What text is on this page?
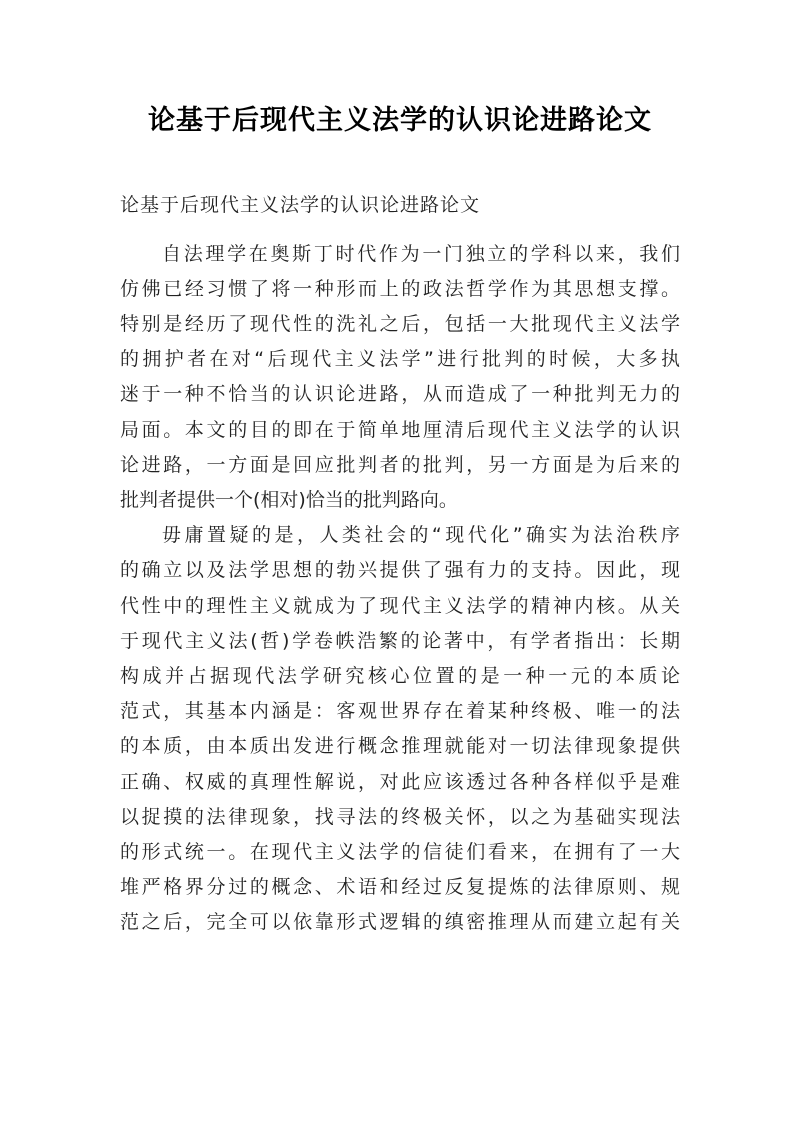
论基于后现代主义法学的认识论进路论文

论基于后现代主义法学的认识论进路论文

自法理学在奥斯丁时代作为一门独立的学科以来，我们
仿佛已经习惯了将一种形而上的政法哲学作为其思想支撑。
特别是经历了现代性的洗礼之后，包括一大批现代主义法学
的拥护者在对“后现代主义法学”进行批判的时候，大多执
迷于一种不恰当的认识论进路，从而造成了一种批判无力的
局面。本文的目的即在于简单地厘清后现代主义法学的认识
论进路，一方面是回应批判者的批判，另一方面是为后来的
批判者提供一个(相对)恰当的批判路向。
毋庸置疑的是，人类社会的“现代化”确实为法治秩序
的确立以及法学思想的勃兴提供了强有力的支持。因此，现
代性中的理性主义就成为了现代主义法学的精神内核。从关
于现代主义法(哲)学卷帙浩繁的论著中，有学者指出：长期
构成并占据现代法学研究核心位置的是一种一元的本质论
范式，其基本内涵是：客观世界存在着某种终极、唯一的法
的本质，由本质出发进行概念推理就能对一切法律现象提供
正确、权威的真理性解说，对此应该透过各种各样似乎是难
以捉摸的法律现象，找寻法的终极关怀，以之为基础实现法
的形式统一。在现代主义法学的信徒们看来，在拥有了一大
堆严格界分过的概念、术语和经过反复提炼的法律原则、规
范之后，完全可以依靠形式逻辑的缜密推理从而建立起有关
